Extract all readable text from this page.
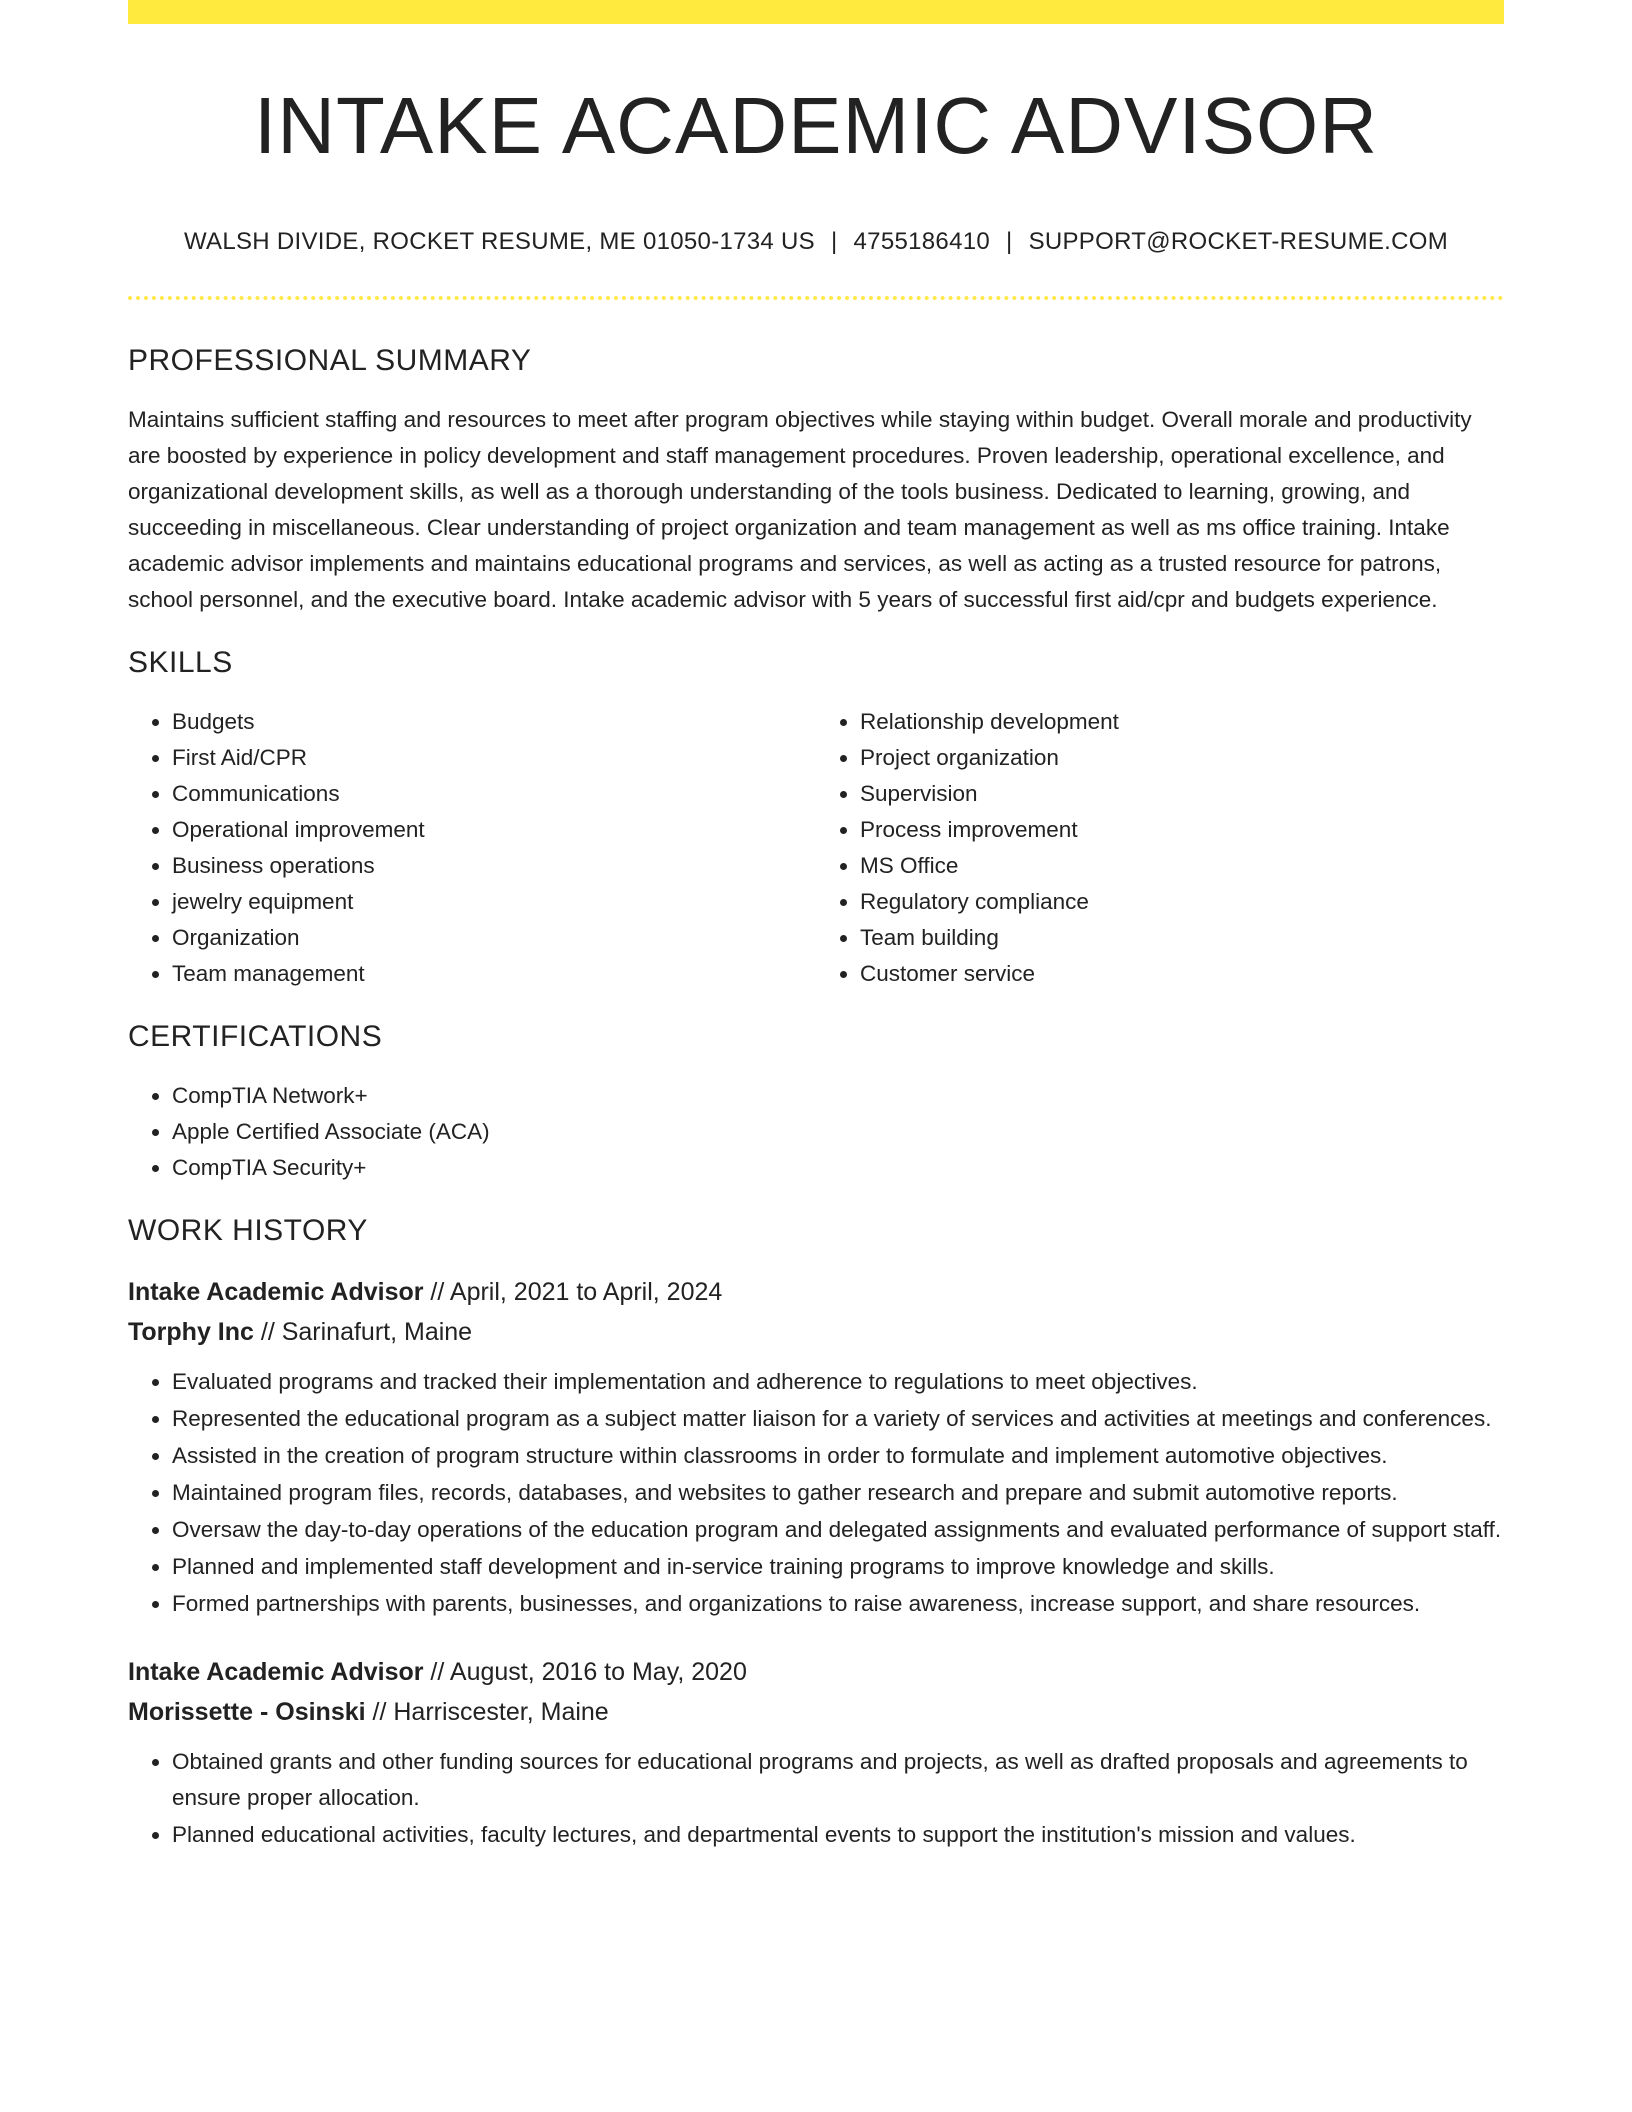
INTAKE ACADEMIC ADVISOR
WALSH DIVIDE, ROCKET RESUME, ME 01050-1734 US | 4755186410 | SUPPORT@ROCKET-RESUME.COM
PROFESSIONAL SUMMARY

Maintains sufficient staffing and resources to meet after program objectives while staying within budget. Overall morale and productivity are boosted by experience in policy development and staff management procedures. Proven leadership, operational excellence, and organizational development skills, as well as a thorough understanding of the tools business. Dedicated to learning, growing, and succeeding in miscellaneous. Clear understanding of project organization and team management as well as ms office training. Intake academic advisor implements and maintains educational programs and services, as well as acting as a trusted resource for patrons, school personnel, and the executive board. Intake academic advisor with 5 years of successful first aid/cpr and budgets experience.

SKILLS
• Budgets
• First Aid/CPR
• Communications
• Operational improvement
• Business operations
• jewelry equipment
• Organization
• Team management
• Relationship development
• Project organization
• Supervision
• Process improvement
• MS Office
• Regulatory compliance
• Team building
• Customer service
CERTIFICATIONS
• CompTIA Network+
• Apple Certified Associate (ACA)
• CompTIA Security+
WORK HISTORY
Intake Academic Advisor // April, 2021 to April, 2024
Torphy Inc // Sarinafurt, Maine
• Evaluated programs and tracked their implementation and adherence to regulations to meet objectives.
• Represented the educational program as a subject matter liaison for a variety of services and activities at meetings and conferences.
• Assisted in the creation of program structure within classrooms in order to formulate and implement automotive objectives.
• Maintained program files, records, databases, and websites to gather research and prepare and submit automotive reports.
• Oversaw the day-to-day operations of the education program and delegated assignments and evaluated performance of support staff.
• Planned and implemented staff development and in-service training programs to improve knowledge and skills.
• Formed partnerships with parents, businesses, and organizations to raise awareness, increase support, and share resources.
Intake Academic Advisor // August, 2016 to May, 2020
Morissette - Osinski // Harriscester, Maine
• Obtained grants and other funding sources for educational programs and projects, as well as drafted proposals and agreements to ensure proper allocation.
• Planned educational activities, faculty lectures, and departmental events to support the institution's mission and values.
